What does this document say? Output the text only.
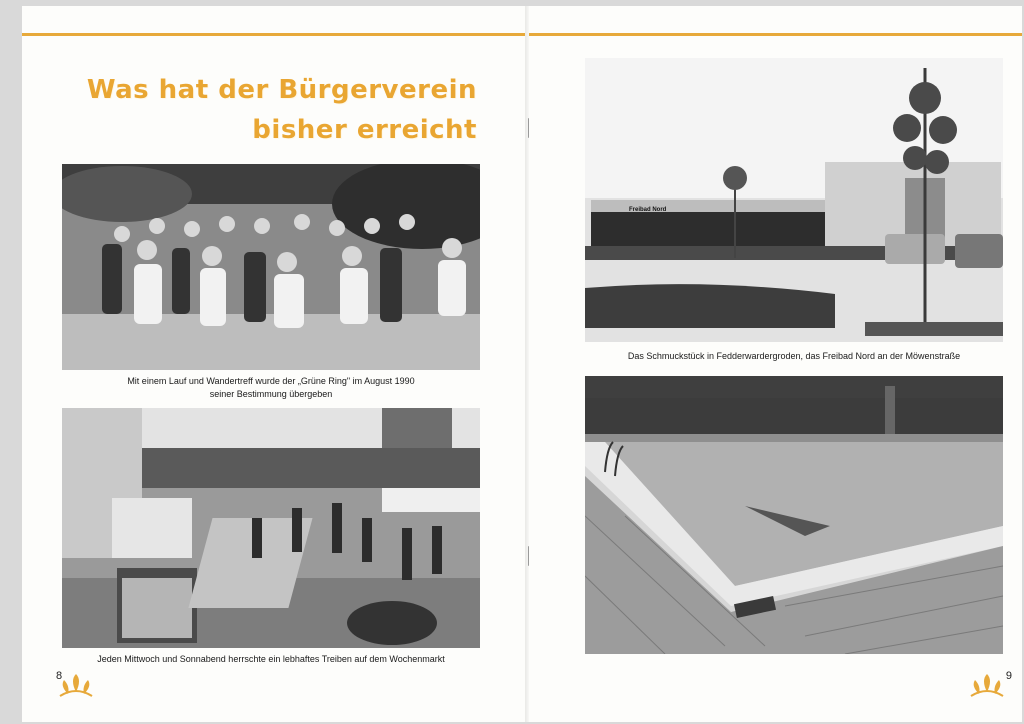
Was hat der Bürgerverein
bisher erreicht

Mit einem Lauf und Wandertreff wurde der „Grüne Ring" im August 1990
seiner Bestimmung übergeben

Jeden Mittwoch und Sonnabend herrschte ein lebhaftes Treiben auf dem Wochenmarkt

8
Freibad Nord

Das Schmuckstück in Fedderwardergroden, das Freibad Nord an der Möwenstraße

9
